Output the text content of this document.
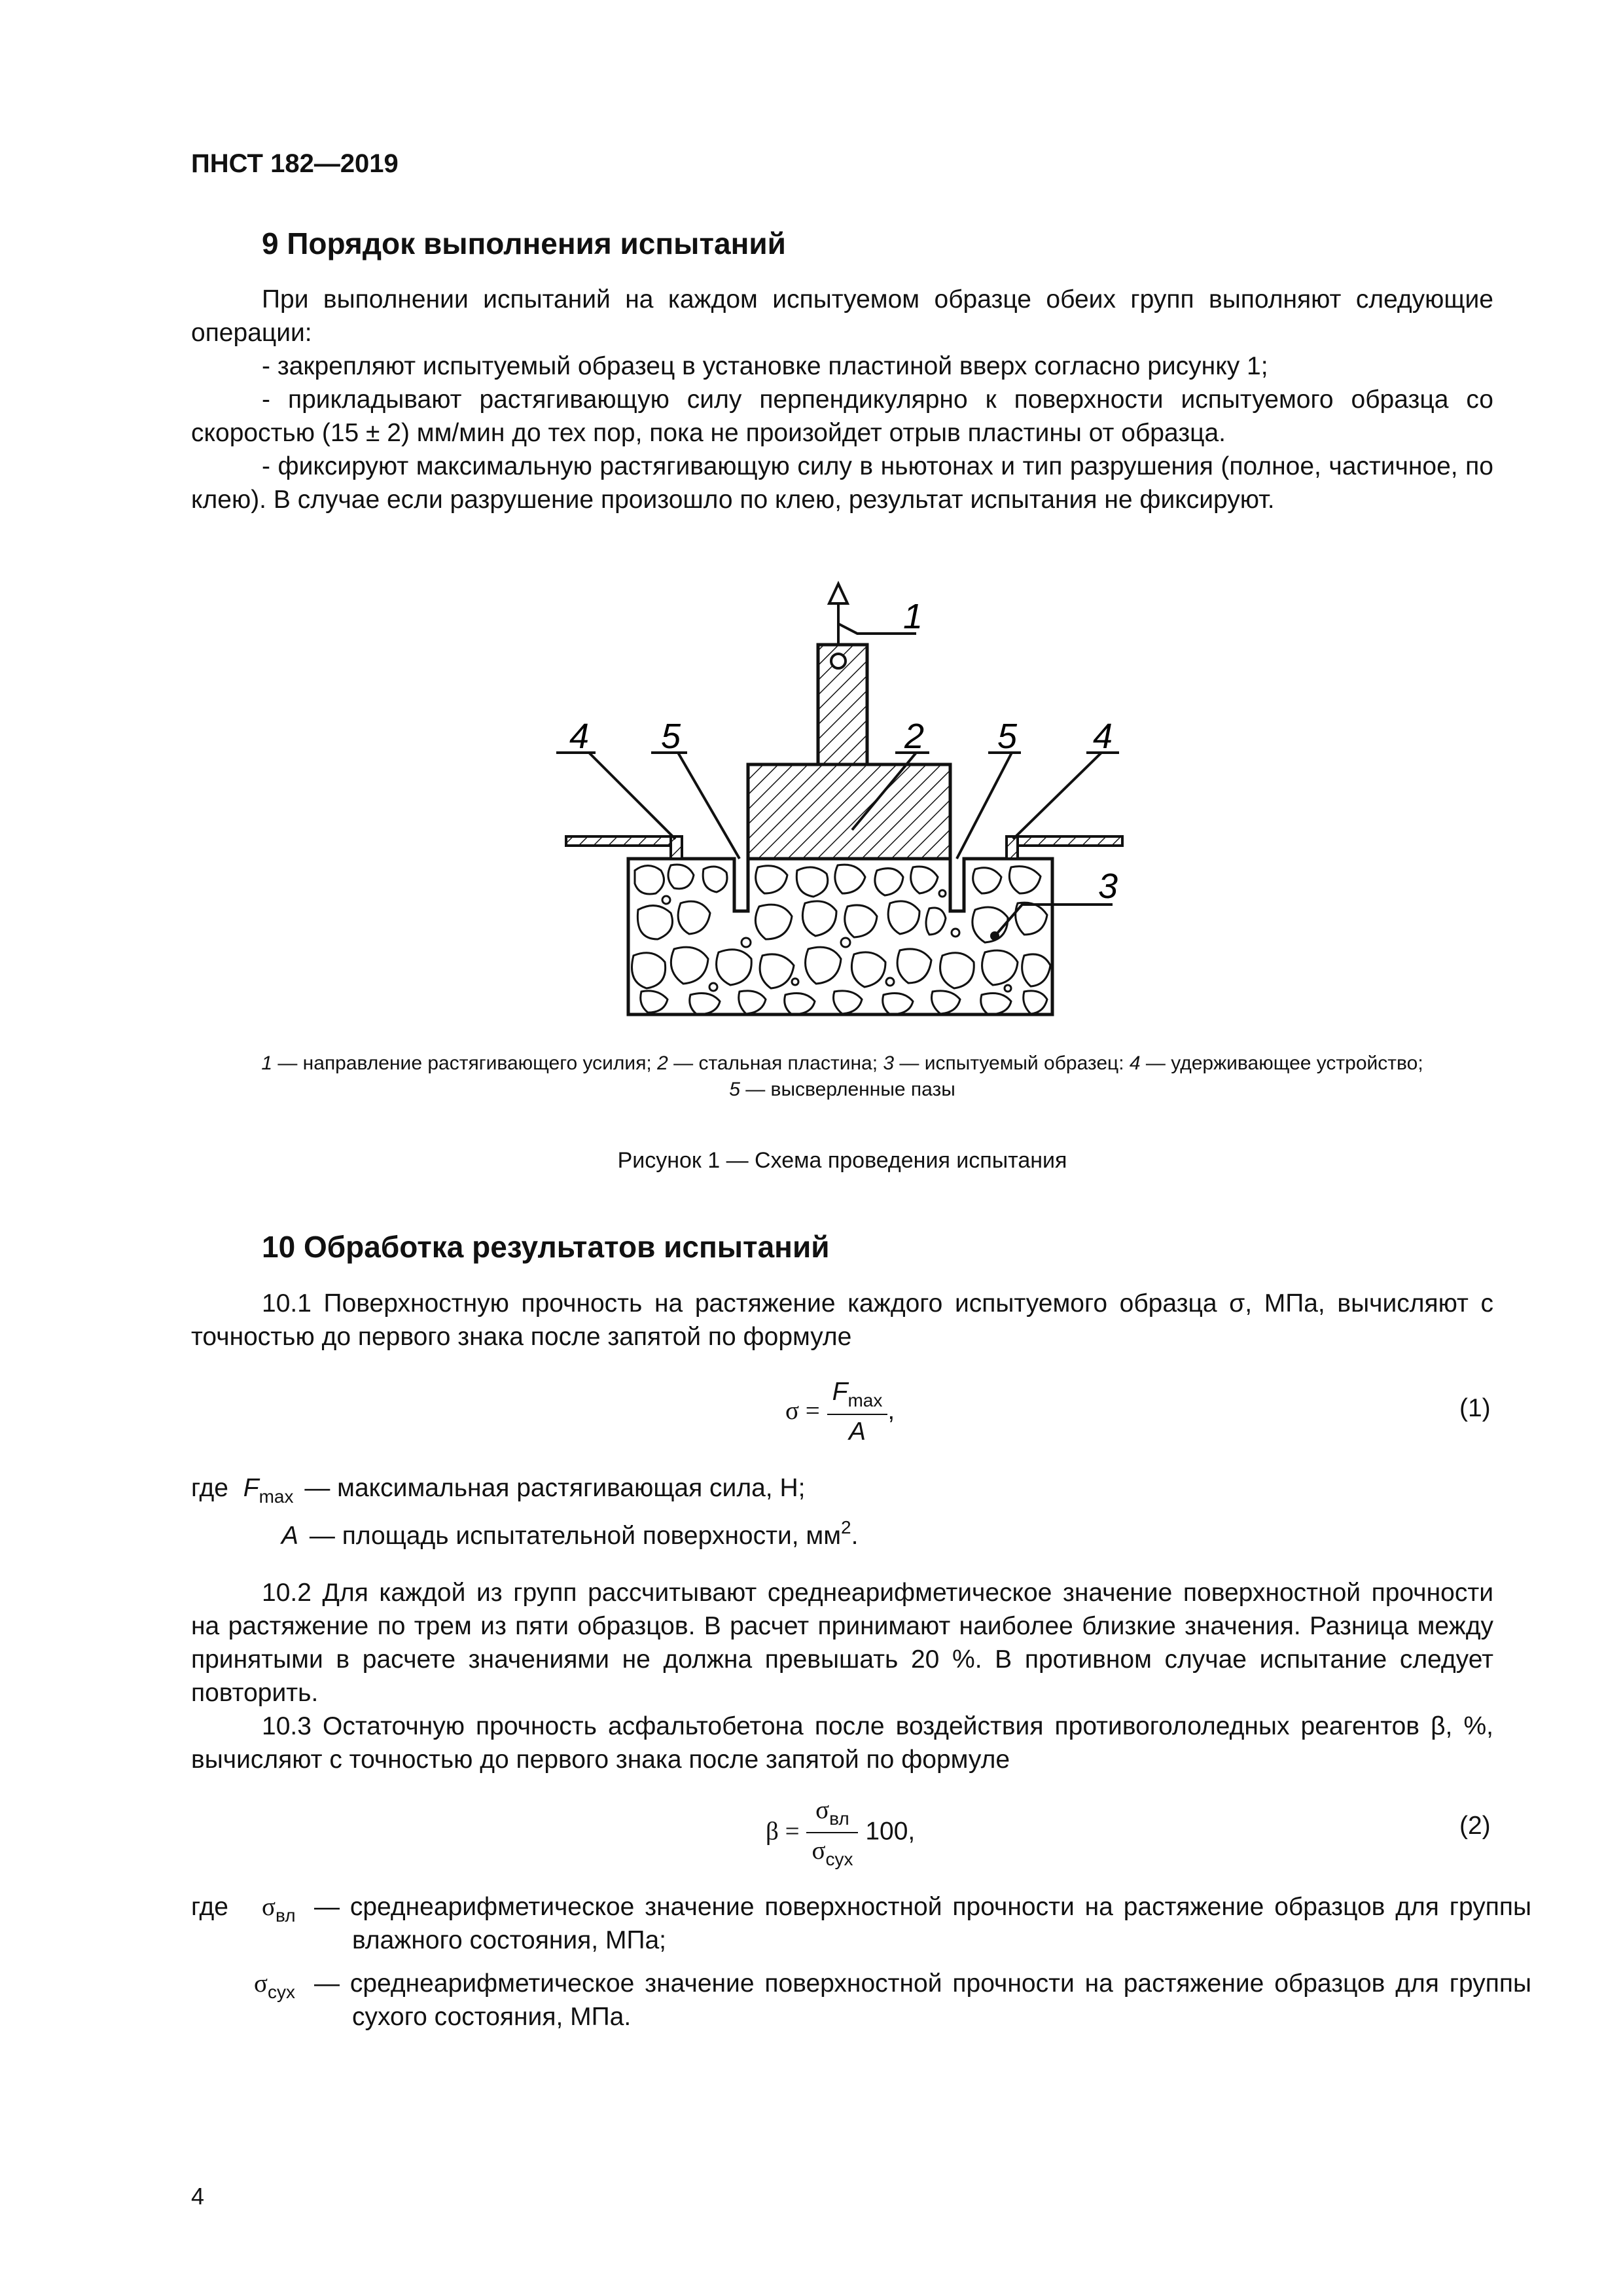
ПНСТ 182—2019
9 Порядок выполнения испытаний

При выполнении испытаний на каждом испытуемом образце обеих групп выполняют следующие операции:

- закрепляют испытуемый образец в установке пластиной вверх согласно рисунку 1;

- прикладывают растягивающую силу перпендикулярно к поверхности испытуемого образца со скоростью (15 ± 2) мм/мин до тех пор, пока не произойдет отрыв пластины от образца.

- фиксируют максимальную растягивающую силу в ньютонах и тип разрушения (полное, частичное, по клею). В случае если разрушение произошло по клею, результат испытания не фиксируют.

1
4 5	2 5 4
3
1 — направление растягивающего усилия; 2 — стальная пластина; 3 — испытуемый образец: 4 — удерживающее устройство;
5 — высверленные пазы
Рисунок 1 — Схема проведения испытания
10 Обработка результатов испытаний

10.1 Поверхностную прочность на растяжение каждого испытуемого образца σ, МПа, вычисляют с точностью до первого знака после запятой по формуле

$\sigma = \frac{F_{max}}{A}$ ,	(1)
где $F_{max}$ — максимальная растягивающая сила, Н;
A — площадь испытательной поверхности, $мм^2$.

10.2 Для каждой из групп рассчитывают среднеарифметическое значение поверхностной прочности на растяжение по трем из пяти образцов. В расчет принимают наиболее близкие значения. Разница между принятыми в расчете значениями не должна превышать 20 %. В противном случае испытание следует повторить.

10.3 Остаточную прочность асфальтобетона после воздействия противогололедных реагентов β, %, вычисляют с точностью до первого знака после запятой по формуле

$\beta = \frac{\sigma_{вл}}{\sigma_{сух}} 100$,	(2)
где $\sigma_{вл}$ — среднеарифметическое значение поверхностной прочности на растяжение образцов для группы влажного состояния, МПа;
$\sigma_{сух}$ — среднеарифметическое значение поверхностной прочности на растяжение образцов для группы сухого состояния, МПа.
4
